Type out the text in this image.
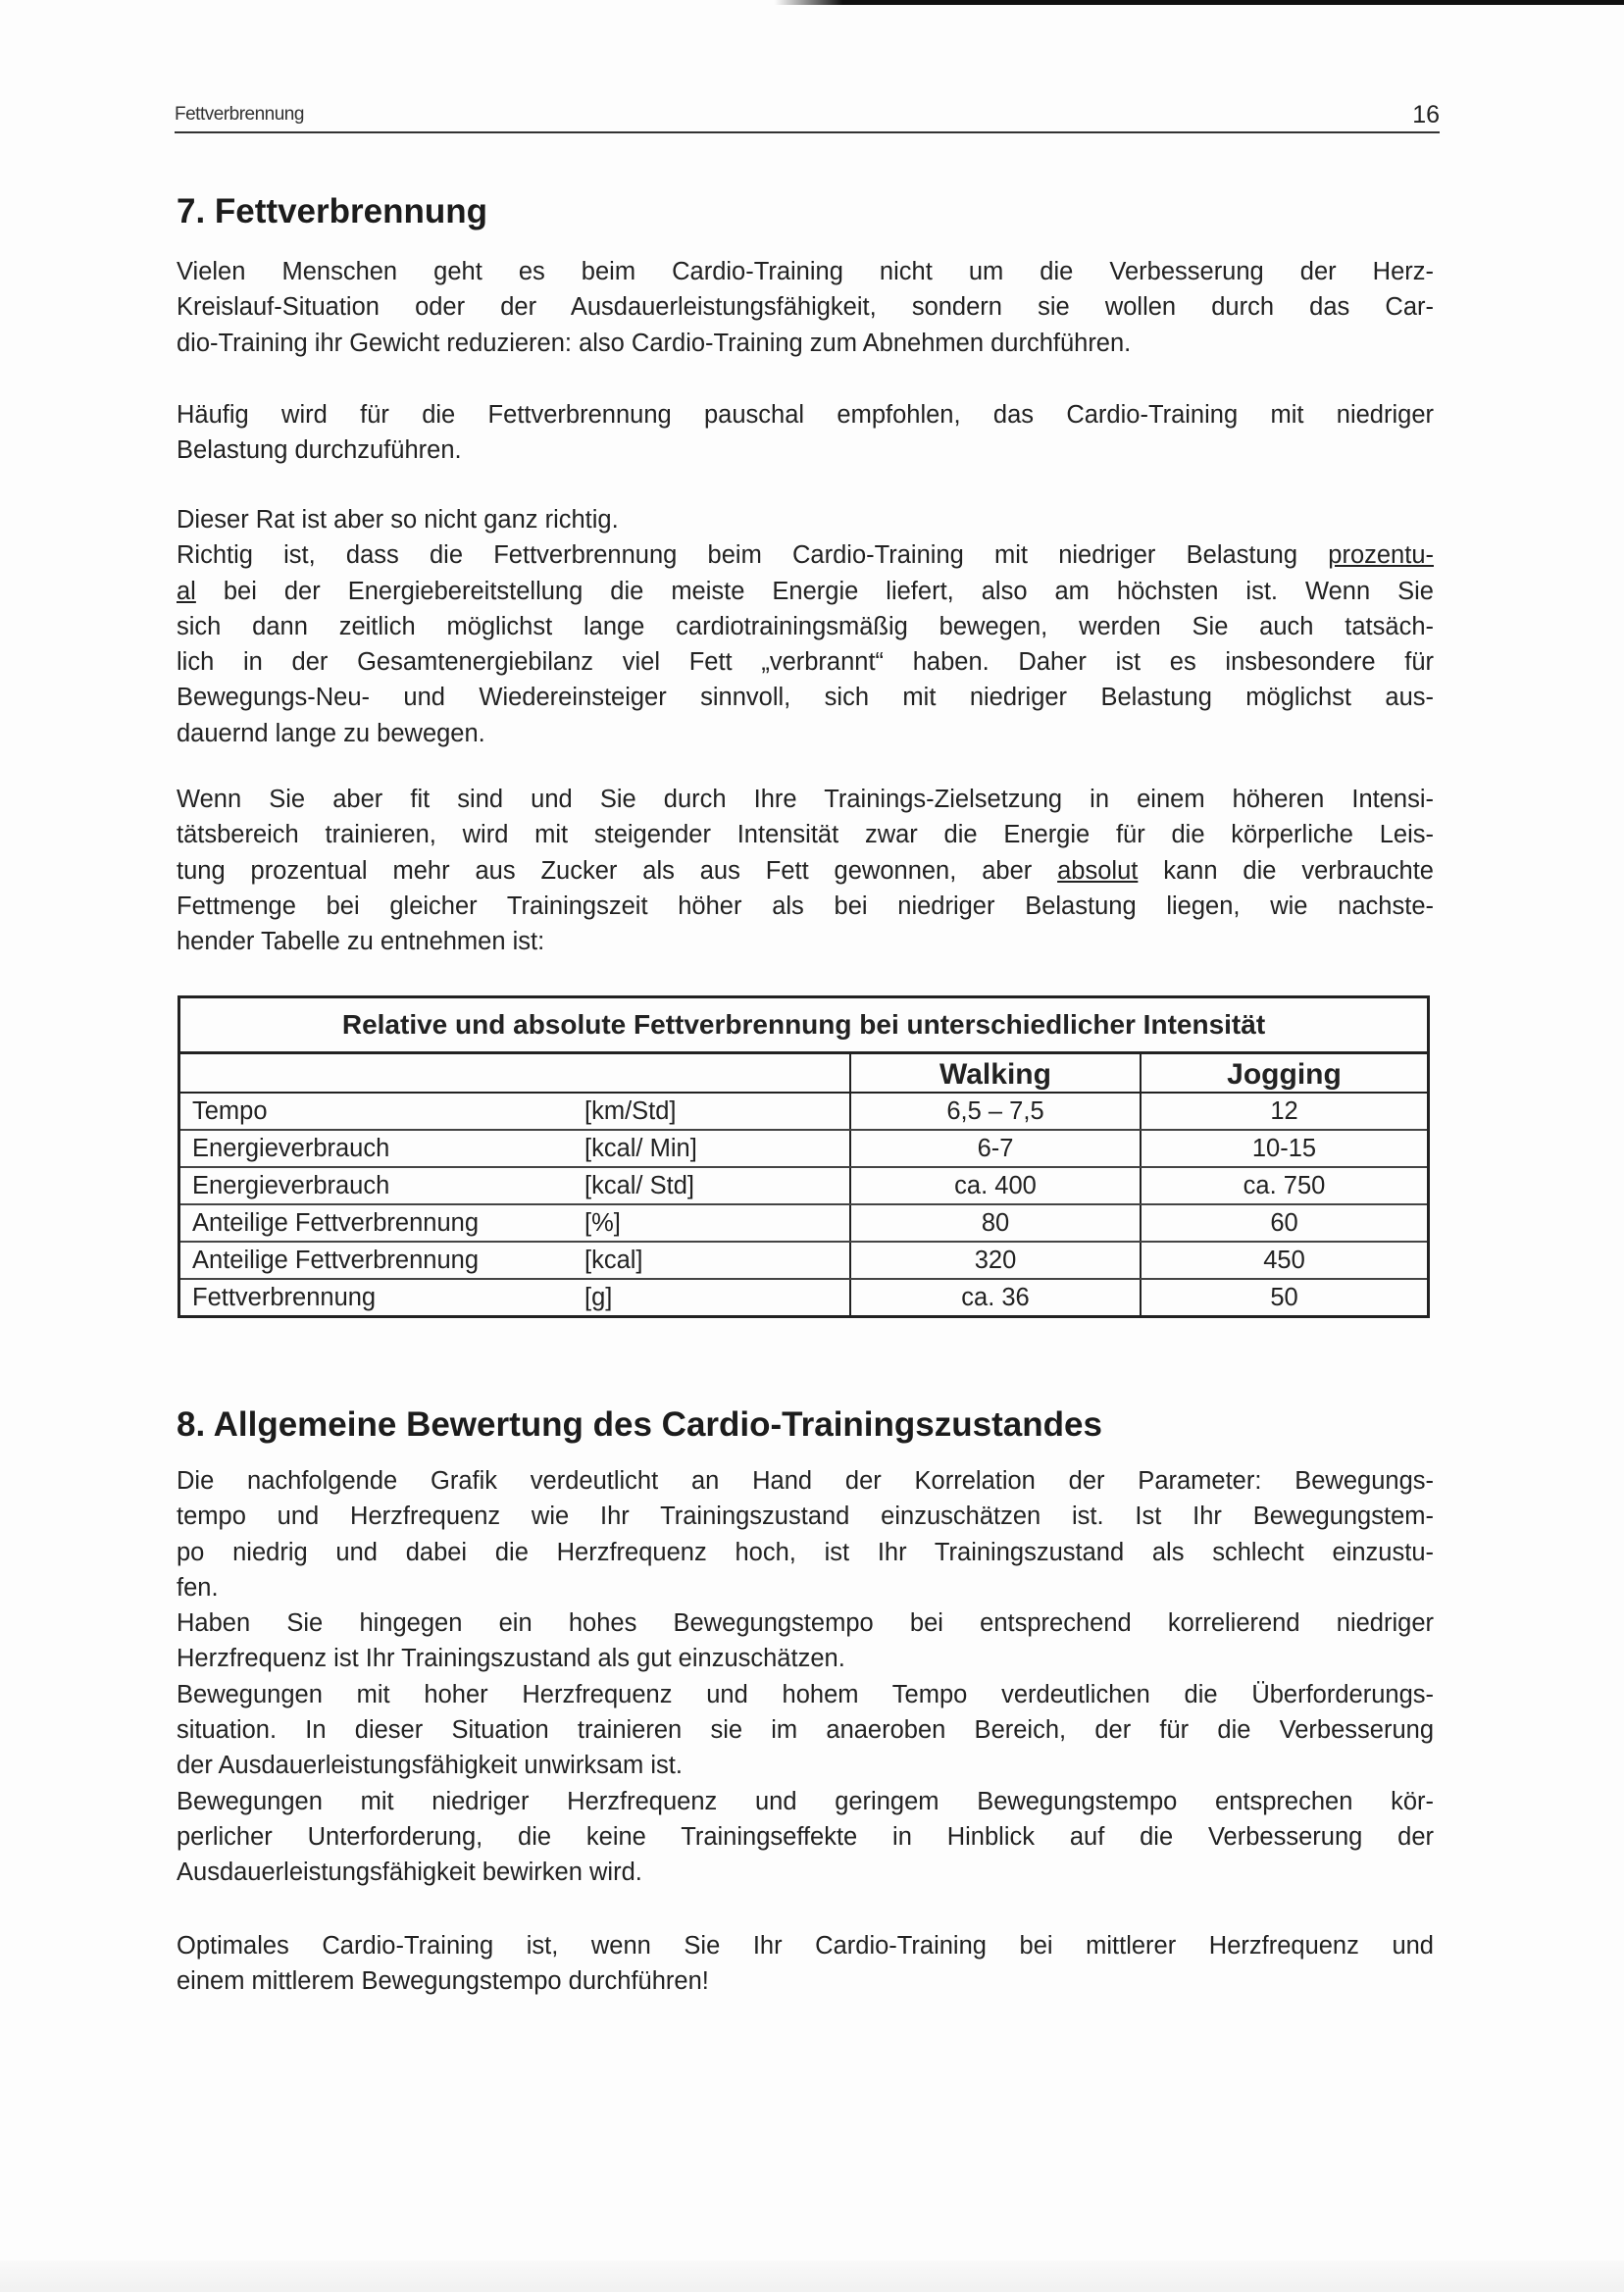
Fettverbrennung	16
7. Fettverbrennung

Vielen Menschen geht es beim Cardio-Training nicht um die Verbesserung der Herz-
Kreislauf-Situation oder der Ausdauerleistungsfähigkeit, sondern sie wollen durch das Car-
dio-Training ihr Gewicht reduzieren: also Cardio-Training zum Abnehmen durchführen.

Häufig wird für die Fettverbrennung pauschal empfohlen, das Cardio-Training mit niedriger
Belastung durchzuführen.

Dieser Rat ist aber so nicht ganz richtig.
Richtig ist, dass die Fettverbrennung beim Cardio-Training mit niedriger Belastung prozentu-
al bei der Energiebereitstellung die meiste Energie liefert, also am höchsten ist. Wenn Sie
sich dann zeitlich möglichst lange cardiotrainingsmäßig bewegen, werden Sie auch tatsäch-
lich in der Gesamtenergiebilanz viel Fett „verbrannt“ haben. Daher ist es insbesondere für
Bewegungs-Neu- und Wiedereinsteiger sinnvoll, sich mit niedriger Belastung möglichst aus-
dauernd lange zu bewegen.

Wenn Sie aber fit sind und Sie durch Ihre Trainings-Zielsetzung in einem höheren Intensi-
tätsbereich trainieren, wird mit steigender Intensität zwar die Energie für die körperliche Leis-
tung prozentual mehr aus Zucker als aus Fett gewonnen, aber absolut kann die verbrauchte
Fettmenge bei gleicher Trainingszeit höher als bei niedriger Belastung liegen, wie nachste-
hender Tabelle zu entnehmen ist:

Relative und absolute Fettverbrennung bei unterschiedlicher Intensität			
		Walking	Jogging
Tempo	[km/Std]	6,5 – 7,5	12
Energieverbrauch	[kcal/ Min]	6-7	10-15
Energieverbrauch	[kcal/ Std]	ca. 400	ca. 750
Anteilige Fettverbrennung	[%]	80	60
Anteilige Fettverbrennung	[kcal]	320	450
Fettverbrennung	[g]	ca. 36	50
8. Allgemeine Bewertung des Cardio-Trainingszustandes

Die nachfolgende Grafik verdeutlicht an Hand der Korrelation der Parameter: Bewegungs-
tempo und Herzfrequenz wie Ihr Trainingszustand einzuschätzen ist. Ist Ihr Bewegungstem-
po niedrig und dabei die Herzfrequenz hoch, ist Ihr Trainingszustand als schlecht einzustu-
fen.
Haben Sie hingegen ein hohes Bewegungstempo bei entsprechend korrelierend niedriger
Herzfrequenz ist Ihr Trainingszustand als gut einzuschätzen.
Bewegungen mit hoher Herzfrequenz und hohem Tempo verdeutlichen die Überforderungs-
situation. In dieser Situation trainieren sie im anaeroben Bereich, der für die Verbesserung
der Ausdauerleistungsfähigkeit unwirksam ist.
Bewegungen mit niedriger Herzfrequenz und geringem Bewegungstempo entsprechen kör-
perlicher Unterforderung, die keine Trainingseffekte in Hinblick auf die Verbesserung der
Ausdauerleistungsfähigkeit bewirken wird.

Optimales Cardio-Training ist, wenn Sie Ihr Cardio-Training bei mittlerer Herzfrequenz und
einem mittlerem Bewegungstempo durchführen!
